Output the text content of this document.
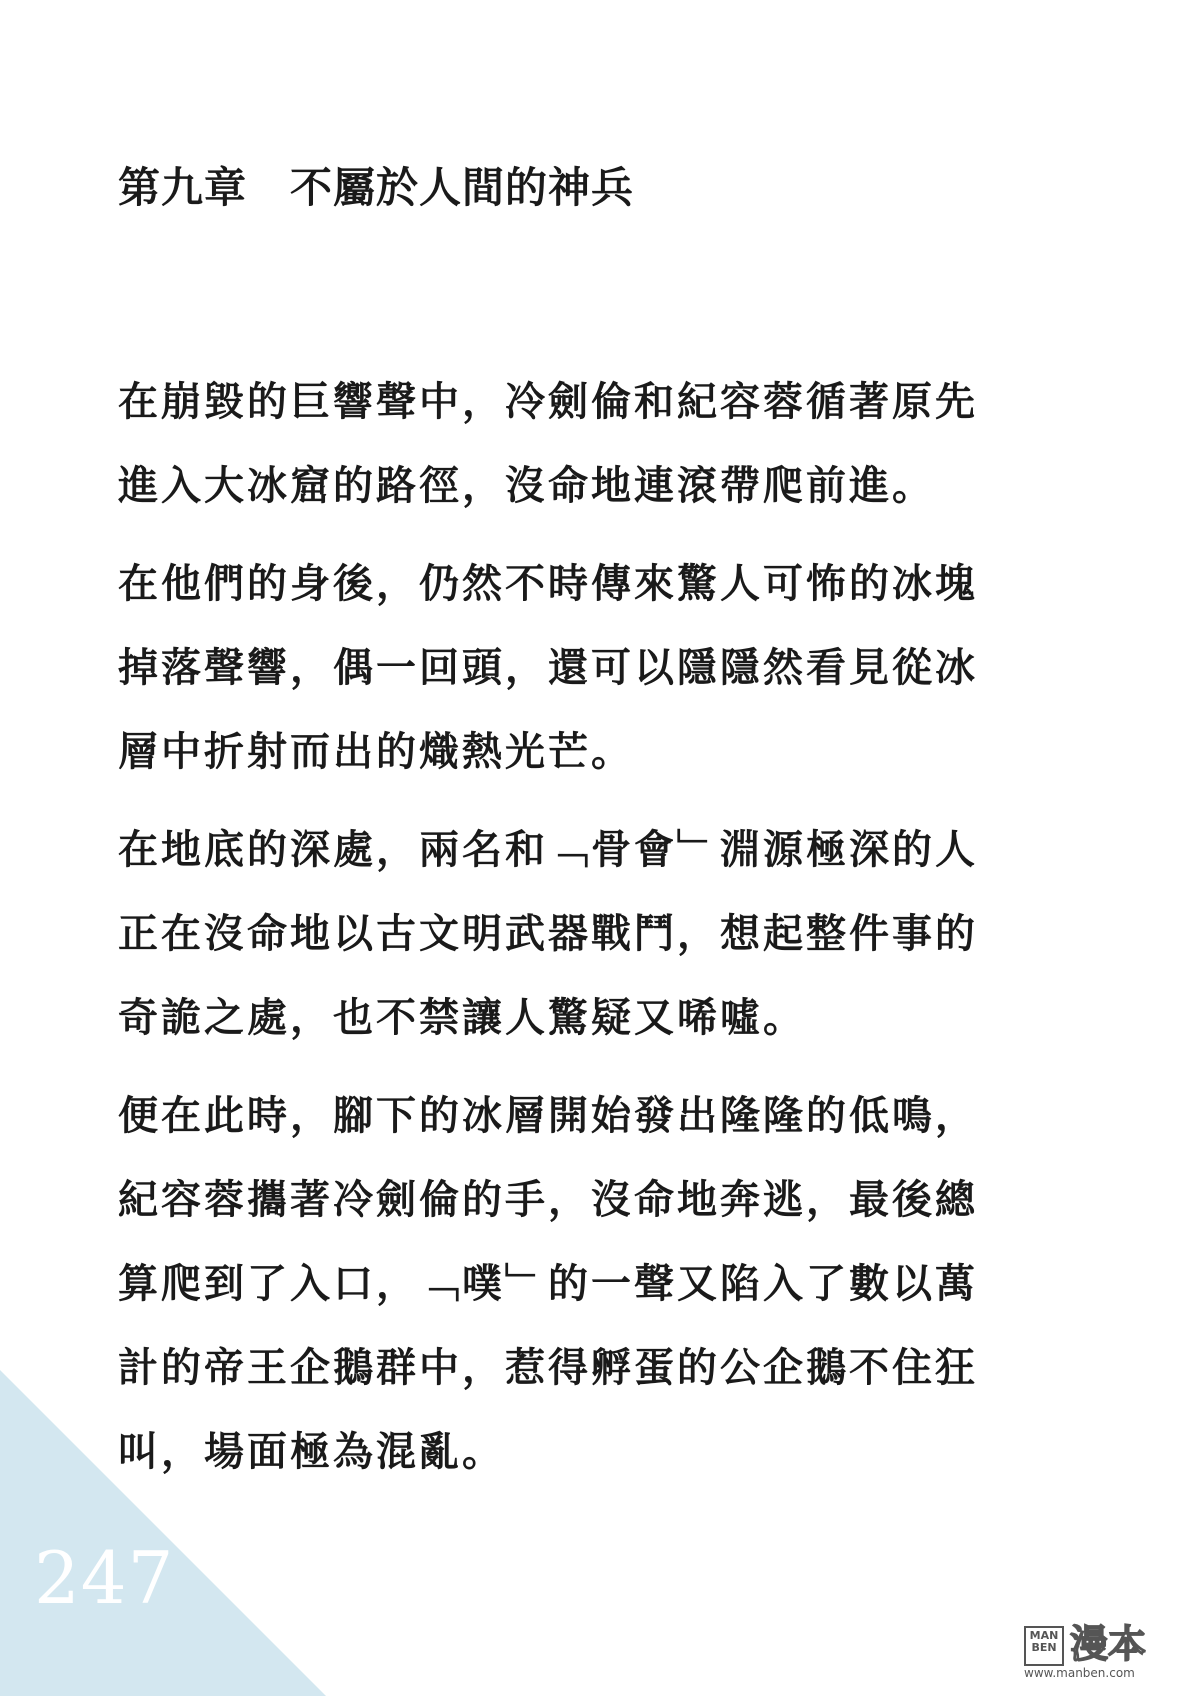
247
第九章　不屬於人間的神兵
在崩毀的巨響聲中，冷劍倫和紀容蓉循著原先
進入大冰窟的路徑，沒命地連滾帶爬前進。
在他們的身後，仍然不時傳來驚人可怖的冰塊
掉落聲響，偶一回頭，還可以隱隱然看見從冰
層中折射而出的熾熱光芒。
在地底的深處，兩名和﹁骨會﹂淵源極深的人
正在沒命地以古文明武器戰鬥，想起整件事的
奇詭之處，也不禁讓人驚疑又唏噓。
便在此時，腳下的冰層開始發出隆隆的低鳴，
紀容蓉攜著冷劍倫的手，沒命地奔逃，最後總
算爬到了入口，﹁噗﹂的一聲又陷入了數以萬
計的帝王企鵝群中，惹得孵蛋的公企鵝不住狂
叫，場面極為混亂。
MAN BEN 漫本
www.manben.com
